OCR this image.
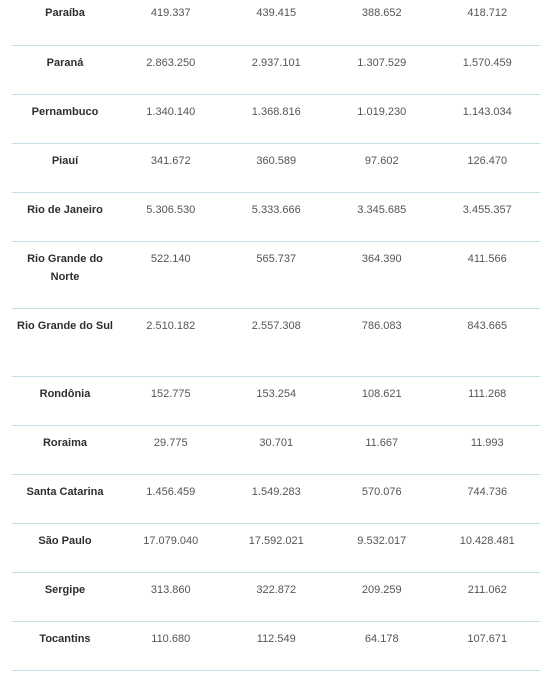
Paraíba	419.337	439.415	388.652	418.712
Paraná	2.863.250	2.937.101	1.307.529	1.570.459
Pernambuco	1.340.140	1.368.816	1.019.230	1.143.034
Piauí	341.672	360.589	97.602	126.470
Rio de Janeiro	5.306.530	5.333.666	3.345.685	3.455.357
Rio Grande do Norte	522.140	565.737	364.390	411.566
Rio Grande do Sul	2.510.182	2.557.308	786.083	843.665
Rondônia	152.775	153.254	108.621	111.268
Roraima	29.775	30.701	11.667	11.993
Santa Catarina	1.456.459	1.549.283	570.076	744.736
São Paulo	17.079.040	17.592.021	9.532.017	10.428.481
Sergipe	313.860	322.872	209.259	211.062
Tocantins	110.680	112.549	64.178	107.671
